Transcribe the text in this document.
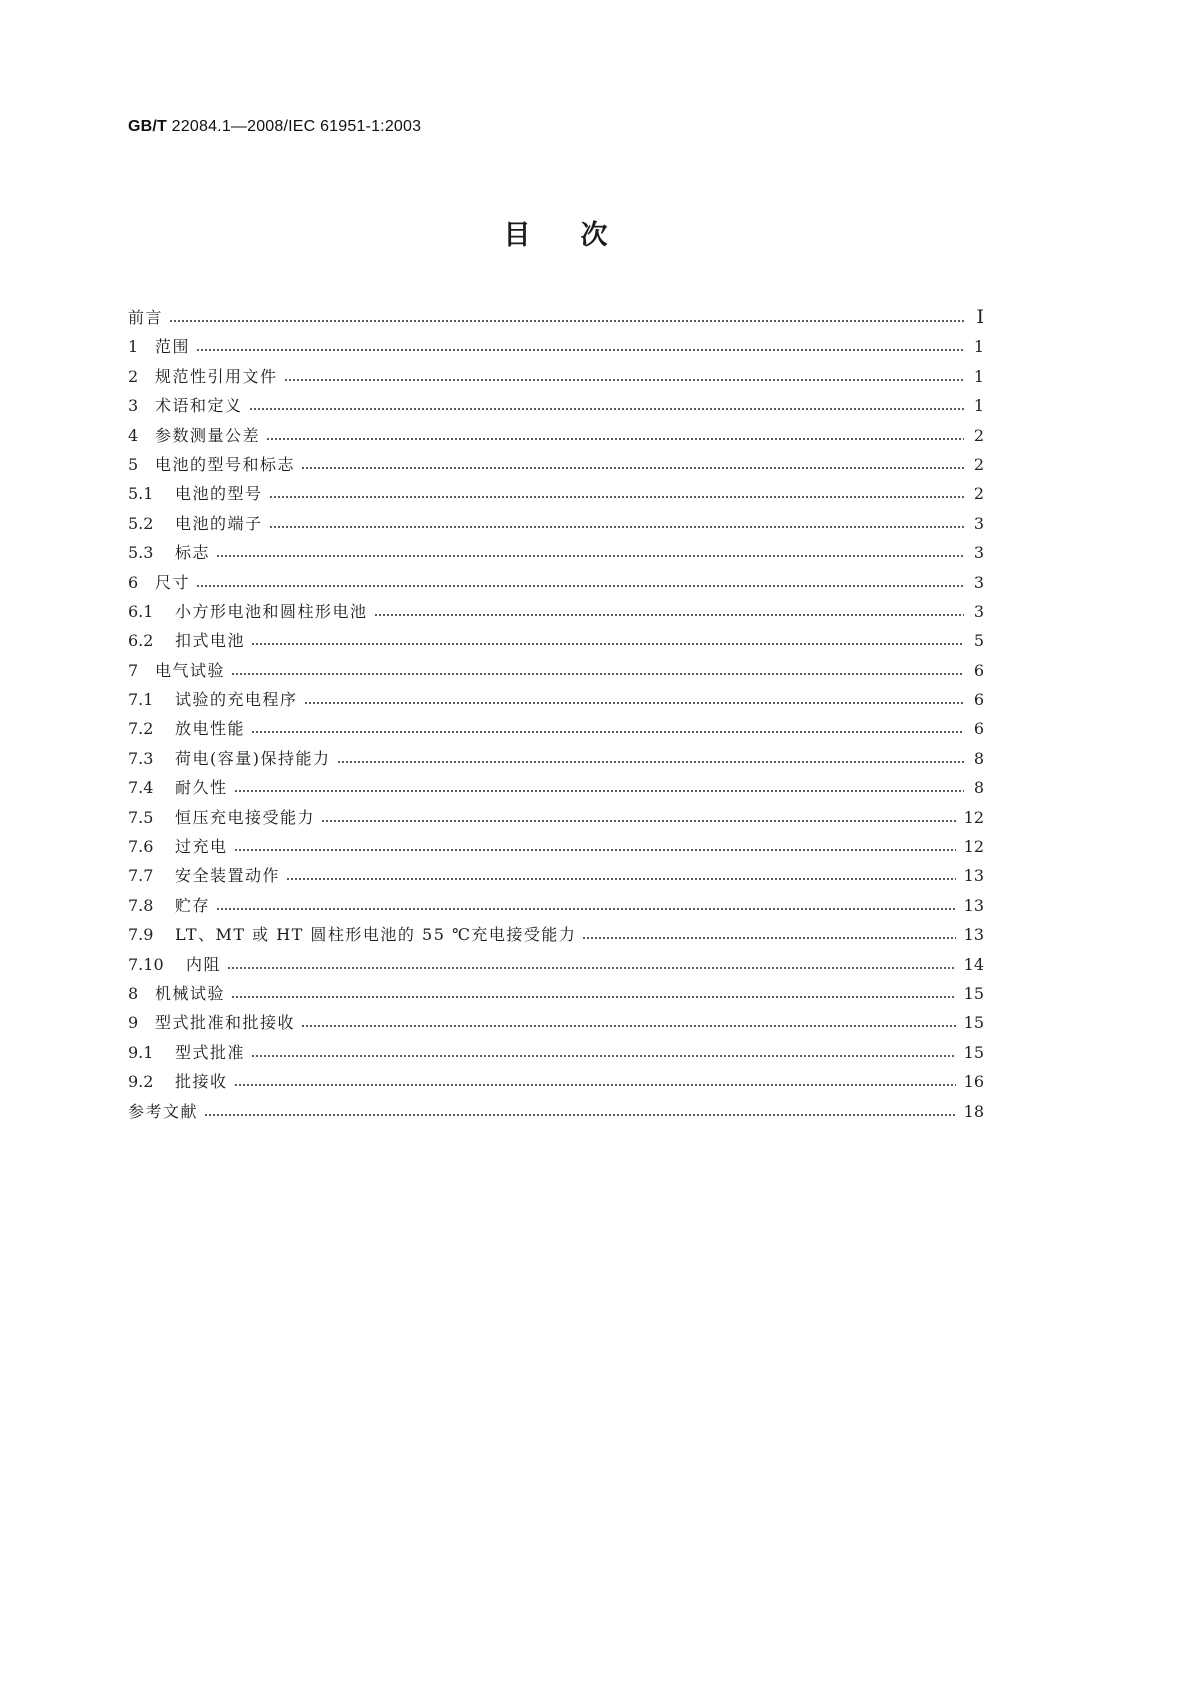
GB/T 22084.1—2008/IEC 61951-1:2003
目次
前言	I
1	范围	1
2	规范性引用文件	1
3	术语和定义	1
4	参数测量公差	2
5	电池的型号和标志	2
5.1	电池的型号	2
5.2	电池的端子	3
5.3	标志	3
6	尺寸	3
6.1	小方形电池和圆柱形电池	3
6.2	扣式电池	5
7	电气试验	6
7.1	试验的充电程序	6
7.2	放电性能	6
7.3	荷电(容量)保持能力	8
7.4	耐久性	8
7.5	恒压充电接受能力	12
7.6	过充电	12
7.7	安全装置动作	13
7.8	贮存	13
7.9	LT、MT 或 HT 圆柱形电池的 55 ℃充电接受能力	13
7.10	内阻	14
8	机械试验	15
9	型式批准和批接收	15
9.1	型式批准	15
9.2	批接收	16
参考文献	18
